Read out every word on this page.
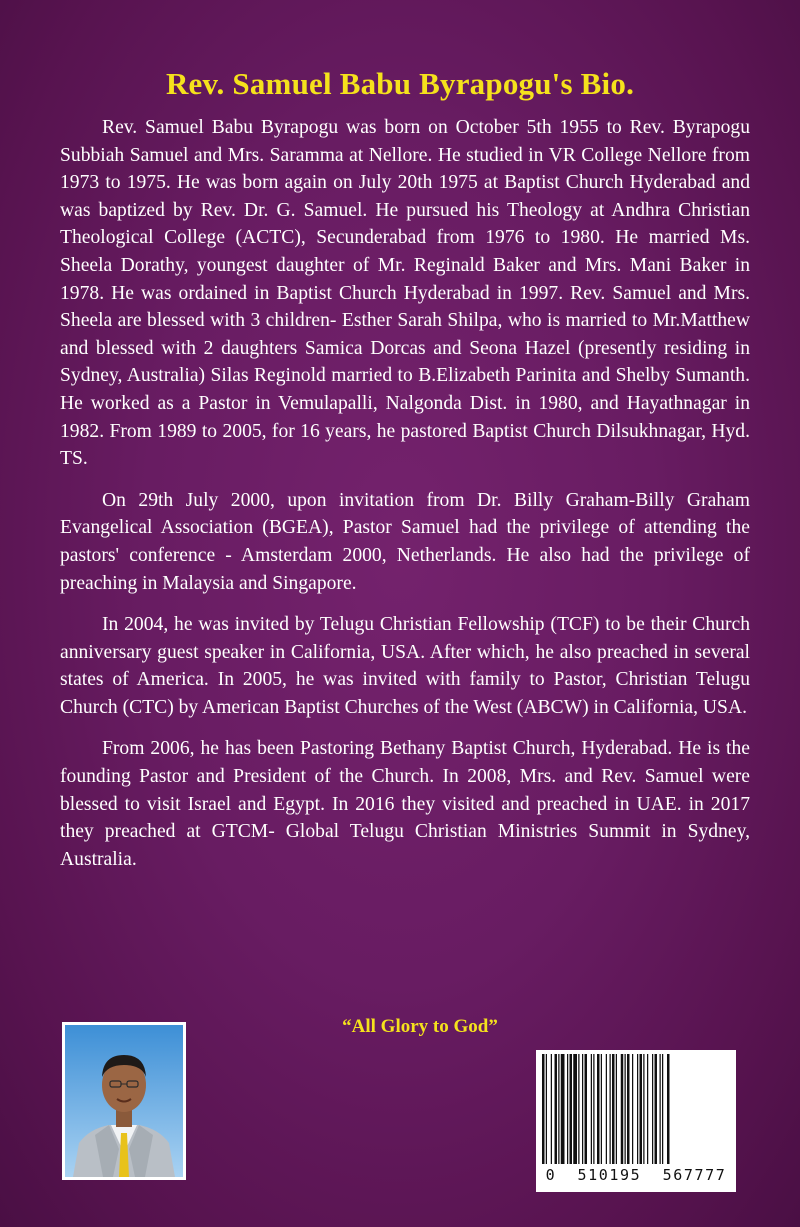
Rev. Samuel Babu Byrapogu's Bio.

Rev. Samuel Babu Byrapogu was born on October 5th 1955 to Rev. Byrapogu Subbiah Samuel and Mrs. Saramma at Nellore. He studied in VR College Nellore from 1973 to 1975. He was born again on July 20th 1975 at Baptist Church Hyderabad and was baptized by Rev. Dr. G. Samuel. He pursued his Theology at Andhra Christian Theological College (ACTC), Secunderabad from 1976 to 1980. He married Ms. Sheela Dorathy, youngest daughter of Mr. Reginald Baker and Mrs. Mani Baker in 1978. He was ordained in Baptist Church Hyderabad in 1997. Rev. Samuel and Mrs. Sheela are blessed with 3 children- Esther Sarah Shilpa, who is married to Mr.Matthew and blessed with 2 daughters Samica Dorcas and Seona Hazel (presently residing in Sydney, Australia) Silas Reginold married to B.Elizabeth Parinita and Shelby Sumanth. He worked as a Pastor in Vemulapalli, Nalgonda Dist. in 1980, and Hayathnagar in 1982. From 1989 to 2005, for 16 years, he pastored Baptist Church Dilsukhnagar, Hyd. TS.

On 29th July 2000, upon invitation from Dr. Billy Graham-Billy Graham Evangelical Association (BGEA), Pastor Samuel had the privilege of attending the pastors' conference - Amsterdam 2000, Netherlands. He also had the privilege of preaching in Malaysia and Singapore.

In 2004, he was invited by Telugu Christian Fellowship (TCF) to be their Church anniversary guest speaker in California, USA. After which, he also preached in several states of America. In 2005, he was invited with family to Pastor, Christian Telugu Church (CTC) by American Baptist Churches of the West (ABCW) in California, USA.

From 2006, he has been Pastoring Bethany Baptist Church, Hyderabad. He is the founding Pastor and President of the Church. In 2008, Mrs. and Rev. Samuel were blessed to visit Israel and Egypt. In 2016 they visited and preached in UAE. in 2017 they preached at GTCM- Global Telugu Christian Ministries Summit in Sydney, Australia.

“All Glory to God”

0  510195  567777
